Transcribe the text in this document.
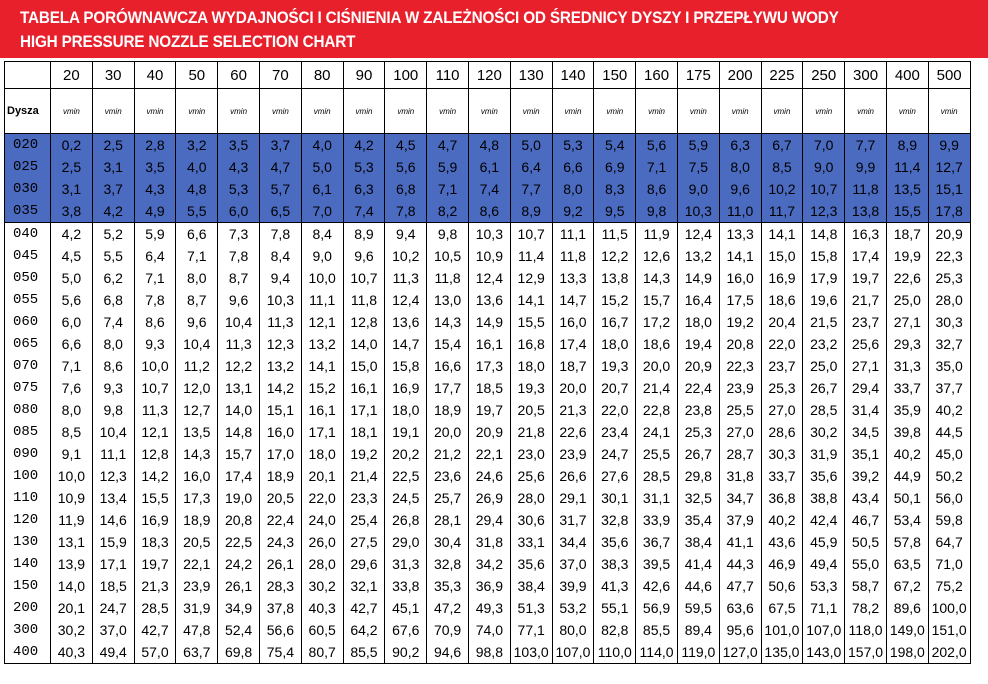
TABELA PORÓWNAWCZA WYDAJNOŚCI I CIŚNIENIA W ZALEŻNOŚCI OD ŚREDNICY DYSZY I PRZEPŁYWU WODY
HIGH PRESSURE NOZZLE SELECTION CHART
	20	30	40	50	60	70	80	90	100	110	120	130	140	150	160	175	200	225	250	300	400	500
Dysza	vmin	vmin	vmin	vmin	vmin	vmin	vmin	vmin	vmin	vmin	vmin	vmin	vmin	vmin	vmin	vmin	vmin	vmin	vmin	vmin	vmin	vmin
020	0,2	2,5	2,8	3,2	3,5	3,7	4,0	4,2	4,5	4,7	4,8	5,0	5,3	5,4	5,6	5,9	6,3	6,7	7,0	7,7	8,9	9,9
025	2,5	3,1	3,5	4,0	4,3	4,7	5,0	5,3	5,6	5,9	6,1	6,4	6,6	6,9	7,1	7,5	8,0	8,5	9,0	9,9	11,4	12,7
030	3,1	3,7	4,3	4,8	5,3	5,7	6,1	6,3	6,8	7,1	7,4	7,7	8,0	8,3	8,6	9,0	9,6	10,2	10,7	11,8	13,5	15,1
035	3,8	4,2	4,9	5,5	6,0	6,5	7,0	7,4	7,8	8,2	8,6	8,9	9,2	9,5	9,8	10,3	11,0	11,7	12,3	13,8	15,5	17,8
040	4,2	5,2	5,9	6,6	7,3	7,8	8,4	8,9	9,4	9,8	10,3	10,7	11,1	11,5	11,9	12,4	13,3	14,1	14,8	16,3	18,7	20,9
045	4,5	5,5	6,4	7,1	7,8	8,4	9,0	9,6	10,2	10,5	10,9	11,4	11,8	12,2	12,6	13,2	14,1	15,0	15,8	17,4	19,9	22,3
050	5,0	6,2	7,1	8,0	8,7	9,4	10,0	10,7	11,3	11,8	12,4	12,9	13,3	13,8	14,3	14,9	16,0	16,9	17,9	19,7	22,6	25,3
055	5,6	6,8	7,8	8,7	9,6	10,3	11,1	11,8	12,4	13,0	13,6	14,1	14,7	15,2	15,7	16,4	17,5	18,6	19,6	21,7	25,0	28,0
060	6,0	7,4	8,6	9,6	10,4	11,3	12,1	12,8	13,6	14,3	14,9	15,5	16,0	16,7	17,2	18,0	19,2	20,4	21,5	23,7	27,1	30,3
065	6,6	8,0	9,3	10,4	11,3	12,3	13,2	14,0	14,7	15,4	16,1	16,8	17,4	18,0	18,6	19,4	20,8	22,0	23,2	25,6	29,3	32,7
070	7,1	8,6	10,0	11,2	12,2	13,2	14,1	15,0	15,8	16,6	17,3	18,0	18,7	19,3	20,0	20,9	22,3	23,7	25,0	27,1	31,3	35,0
075	7,6	9,3	10,7	12,0	13,1	14,2	15,2	16,1	16,9	17,7	18,5	19,3	20,0	20,7	21,4	22,4	23,9	25,3	26,7	29,4	33,7	37,7
080	8,0	9,8	11,3	12,7	14,0	15,1	16,1	17,1	18,0	18,9	19,7	20,5	21,3	22,0	22,8	23,8	25,5	27,0	28,5	31,4	35,9	40,2
085	8,5	10,4	12,1	13,5	14,8	16,0	17,1	18,1	19,1	20,0	20,9	21,8	22,6	23,4	24,1	25,3	27,0	28,6	30,2	34,5	39,8	44,5
090	9,1	11,1	12,8	14,3	15,7	17,0	18,0	19,2	20,2	21,2	22,1	23,0	23,9	24,7	25,5	26,7	28,7	30,3	31,9	35,1	40,2	45,0
100	10,0	12,3	14,2	16,0	17,4	18,9	20,1	21,4	22,5	23,6	24,6	25,6	26,6	27,6	28,5	29,8	31,8	33,7	35,6	39,2	44,9	50,2
110	10,9	13,4	15,5	17,3	19,0	20,5	22,0	23,3	24,5	25,7	26,9	28,0	29,1	30,1	31,1	32,5	34,7	36,8	38,8	43,4	50,1	56,0
120	11,9	14,6	16,9	18,9	20,8	22,4	24,0	25,4	26,8	28,1	29,4	30,6	31,7	32,8	33,9	35,4	37,9	40,2	42,4	46,7	53,4	59,8
130	13,1	15,9	18,3	20,5	22,5	24,3	26,0	27,5	29,0	30,4	31,8	33,1	34,4	35,6	36,7	38,4	41,1	43,6	45,9	50,5	57,8	64,7
140	13,9	17,1	19,7	22,1	24,2	26,1	28,0	29,6	31,3	32,8	34,2	35,6	37,0	38,3	39,5	41,4	44,3	46,9	49,4	55,0	63,5	71,0
150	14,0	18,5	21,3	23,9	26,1	28,3	30,2	32,1	33,8	35,3	36,9	38,4	39,9	41,3	42,6	44,6	47,7	50,6	53,3	58,7	67,2	75,2
200	20,1	24,7	28,5	31,9	34,9	37,8	40,3	42,7	45,1	47,2	49,3	51,3	53,2	55,1	56,9	59,5	63,6	67,5	71,1	78,2	89,6	100,0
300	30,2	37,0	42,7	47,8	52,4	56,6	60,5	64,2	67,6	70,9	74,0	77,1	80,0	82,8	85,5	89,4	95,6	101,0	107,0	118,0	149,0	151,0
400	40,3	49,4	57,0	63,7	69,8	75,4	80,7	85,5	90,2	94,6	98,8	103,0	107,0	110,0	114,0	119,0	127,0	135,0	143,0	157,0	198,0	202,0
